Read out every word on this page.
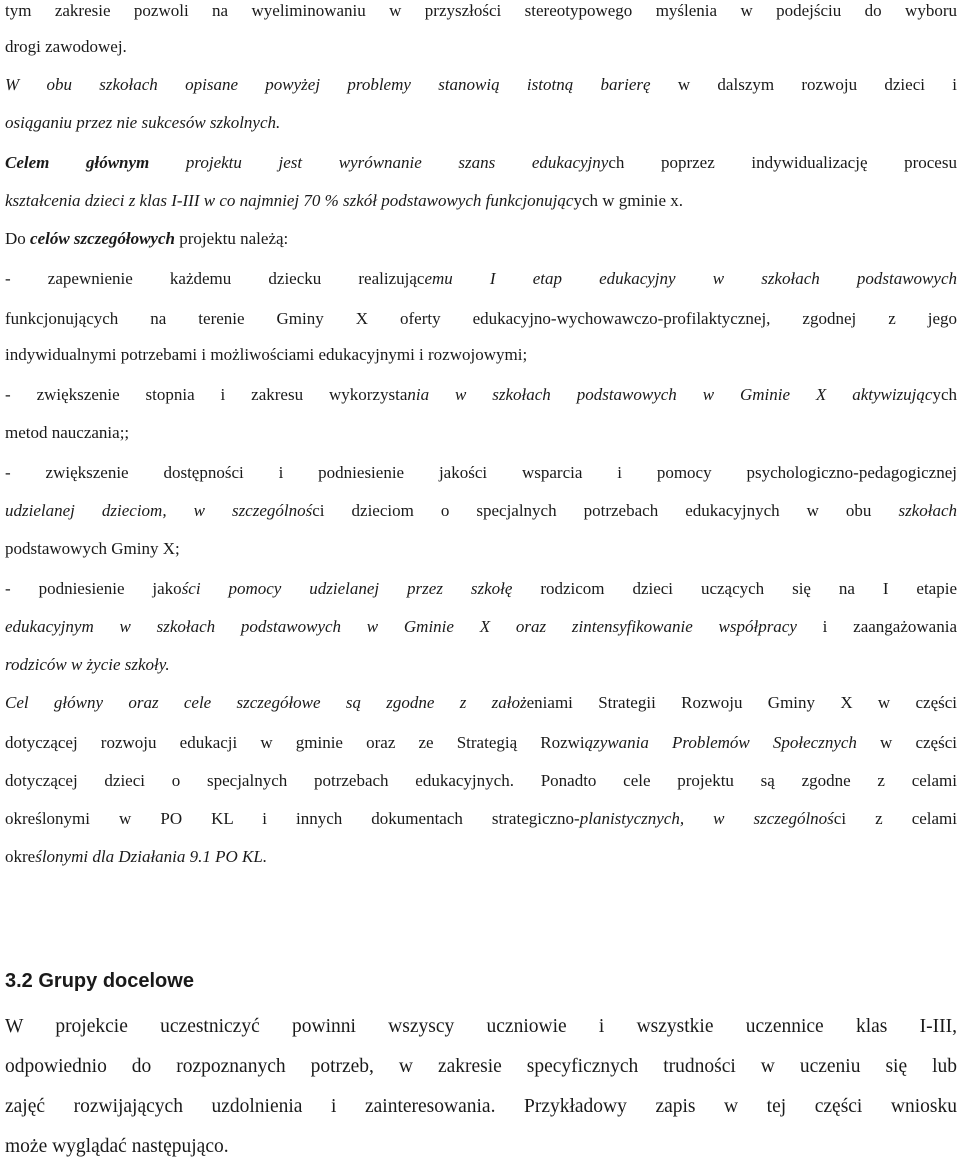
tym zakresie pozwoli na wyeliminowaniu w przyszłości stereotypowego myślenia w podejściu do wyboru
drogi zawodowej.
W obu szkołach opisane powyżej problemy stanowią istotną barierę w dalszym rozwoju dzieci i
osiąganiu przez nie sukcesów szkolnych.
Celem głównym projektu jest wyrównanie szans edukacyjnych poprzez indywidualizację procesu
kształcenia dzieci z klas I-III w co najmniej 70 % szkół podstawowych funkcjonujących w gminie x.
Do celów szczegółowych projektu należą:
- zapewnienie każdemu dziecku realizującemu I etap edukacyjny w szkołach podstawowych
funkcjonujących na terenie Gminy X oferty edukacyjno-wychowawczo-profilaktycznej, zgodnej z jego
indywidualnymi potrzebami i możliwościami edukacyjnymi i rozwojowymi;
- zwiększenie stopnia i zakresu wykorzystania w szkołach podstawowych w Gminie X aktywizujących
metod nauczania;;
- zwiększenie dostępności i podniesienie jakości wsparcia i pomocy psychologiczno-pedagogicznej
udzielanej dzieciom, w szczególności dzieciom o specjalnych potrzebach edukacyjnych w obu szkołach
podstawowych Gminy X;
- podniesienie jakości pomocy udzielanej przez szkołę rodzicom dzieci uczących się na I etapie
edukacyjnym w szkołach podstawowych w Gminie X oraz zintensyfikowanie współpracy i zaangażowania
rodziców w życie szkoły.
Cel główny oraz cele szczegółowe są zgodne z założeniami Strategii Rozwoju Gminy X w części
dotyczącej rozwoju edukacji w gminie oraz ze Strategią Rozwiązywania Problemów Społecznych w części
dotyczącej dzieci o specjalnych potrzebach edukacyjnych. Ponadto cele projektu są zgodne z celami
określonymi w PO KL i innych dokumentach strategiczno-planistycznych, w szczególności z celami
określonymi dla Działania 9.1 PO KL.
3.2 Grupy docelowe
W projekcie uczestniczyć powinni wszyscy uczniowie i wszystkie uczennice klas I-III,
odpowiednio do rozpoznanych potrzeb, w zakresie specyficznych trudności w uczeniu się lub
zajęć rozwijających uzdolnienia i zainteresowania. Przykładowy zapis w tej części wniosku
może wyglądać następująco.
